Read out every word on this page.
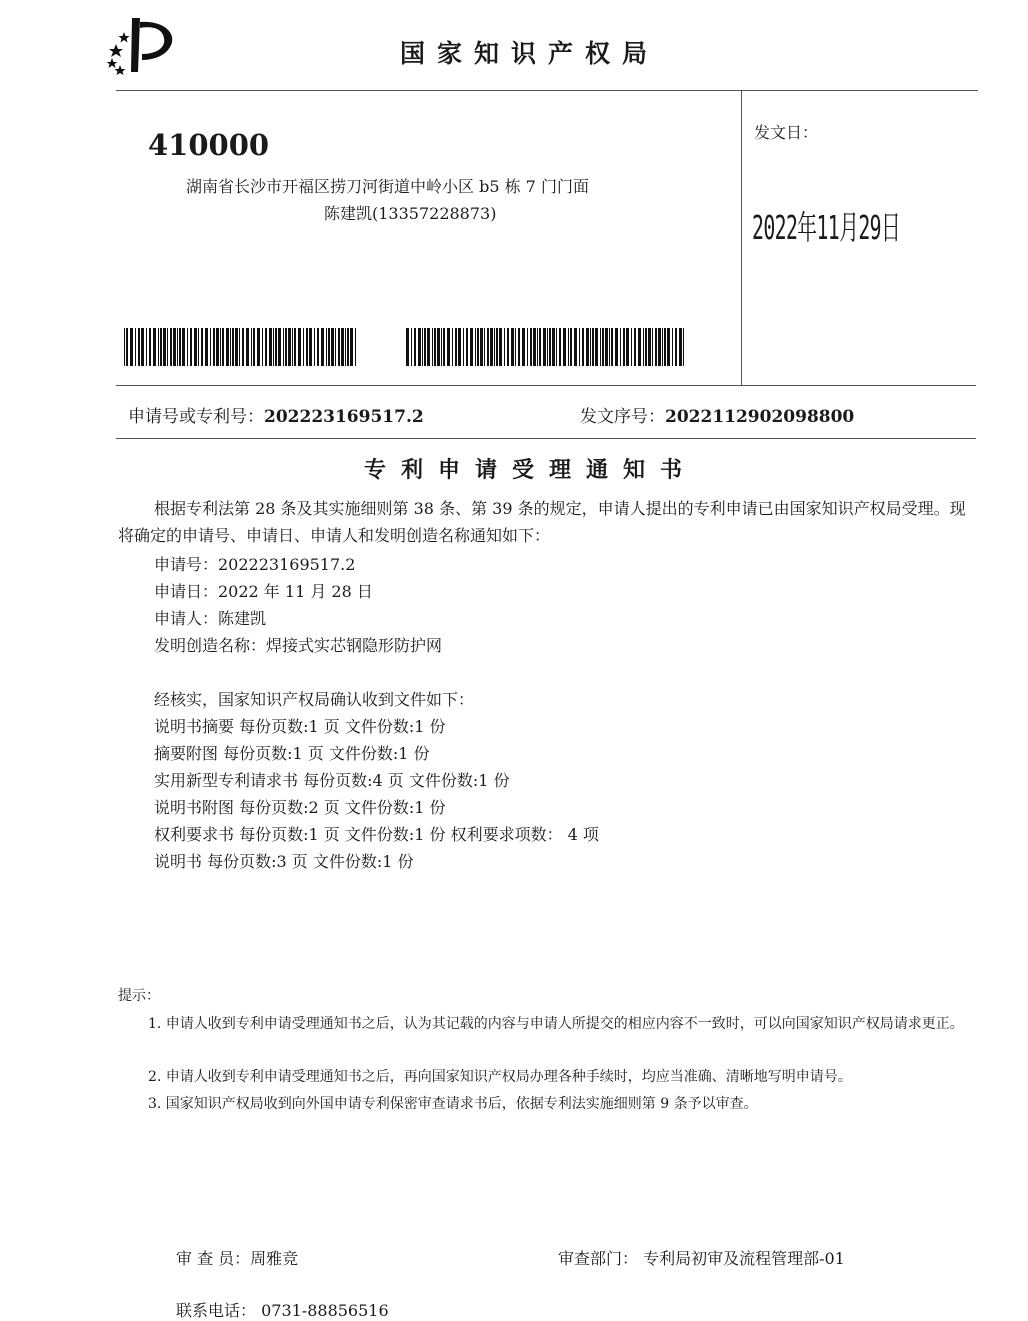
国家知识产权局
410000
湖南省长沙市开福区捞刀河街道中岭小区 b5 栋 7 门门面
陈建凯(13357228873)
发文日：
2022年11月29日
申请号或专利号：202223169517.2	发文序号：2022112902098800
专利申请受理通知书
根据专利法第 28 条及其实施细则第 38 条、第 39 条的规定，申请人提出的专利申请已由国家知识产权局受理。现将确定的申请号、申请日、申请人和发明创造名称通知如下：
申请号：202223169517.2
申请日：2022 年 11 月 28 日
申请人：陈建凯
发明创造名称：焊接式实芯钢隐形防护网
经核实，国家知识产权局确认收到文件如下：
说明书摘要 每份页数:1 页 文件份数:1 份
摘要附图 每份页数:1 页 文件份数:1 份
实用新型专利请求书 每份页数:4 页 文件份数:1 份
说明书附图 每份页数:2 页 文件份数:1 份
权利要求书 每份页数:1 页 文件份数:1 份 权利要求项数： 4 项
说明书 每份页数:3 页 文件份数:1 份
提示：
1. 申请人收到专利申请受理通知书之后，认为其记载的内容与申请人所提交的相应内容不一致时，可以向国家知识产权局请求更正。
2. 申请人收到专利申请受理通知书之后，再向国家知识产权局办理各种手续时，均应当准确、清晰地写明申请号。
3. 国家知识产权局收到向外国申请专利保密审查请求书后，依据专利法实施细则第 9 条予以审查。
审 查 员：周雅竞	审查部门： 专利局初审及流程管理部-01
联系电话： 0731-88856516
